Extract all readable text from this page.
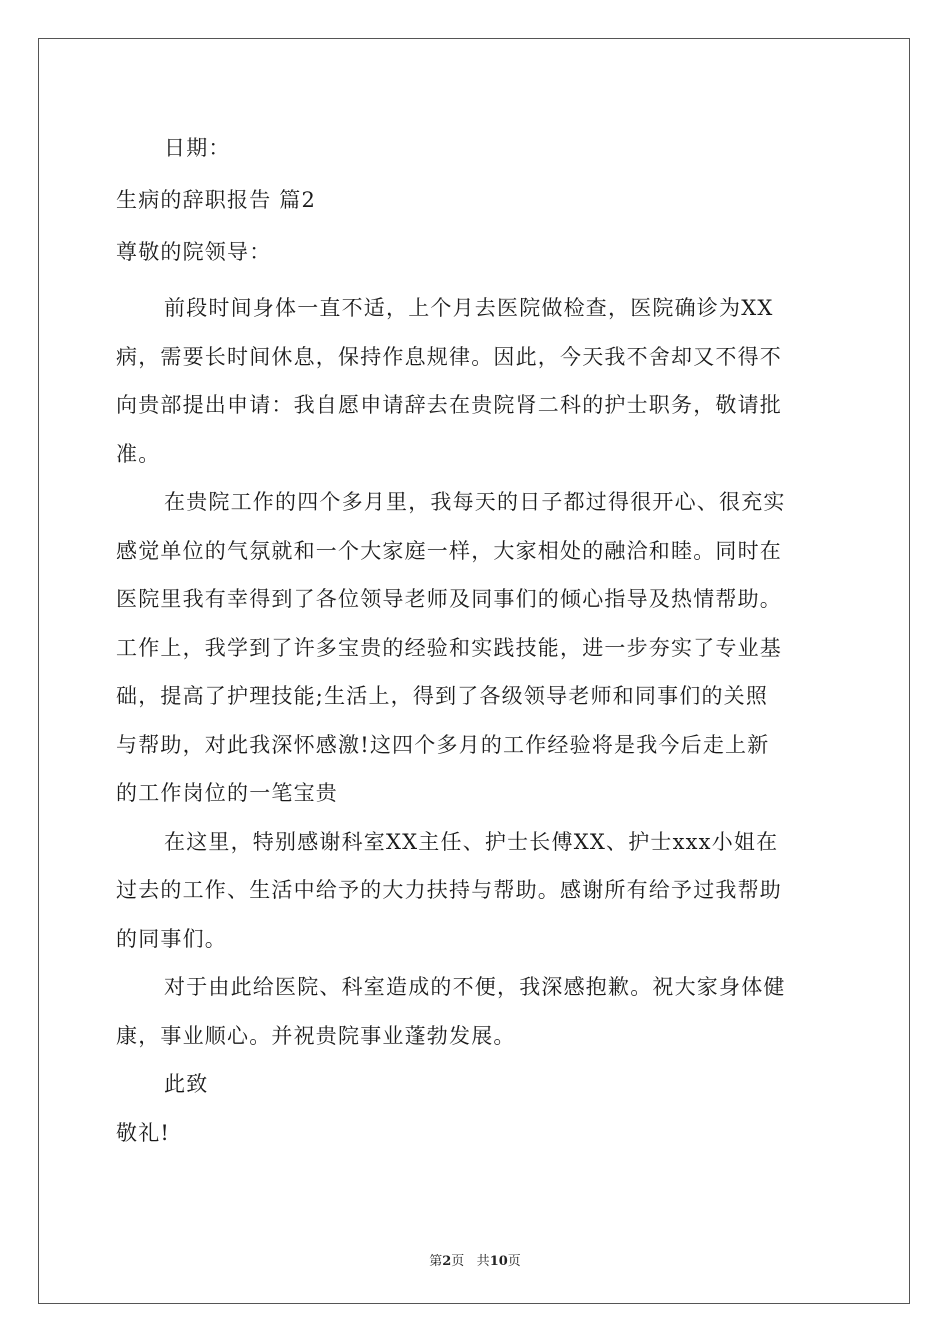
日期：
生病的辞职报告 篇2
尊敬的院领导：
前段时间身体一直不适，上个月去医院做检查，医院确诊为XX
病，需要长时间休息，保持作息规律。因此，今天我不舍却又不得不
向贵部提出申请：我自愿申请辞去在贵院肾二科的护士职务，敬请批
准。
在贵院工作的四个多月里，我每天的日子都过得很开心、很充实
感觉单位的气氛就和一个大家庭一样，大家相处的融洽和睦。同时在
医院里我有幸得到了各位领导老师及同事们的倾心指导及热情帮助。
工作上，我学到了许多宝贵的经验和实践技能，进一步夯实了专业基
础，提高了护理技能;生活上，得到了各级领导老师和同事们的关照
与帮助，对此我深怀感激!这四个多月的工作经验将是我今后走上新
的工作岗位的一笔宝贵
在这里，特别感谢科室XX主任、护士长傅XX、护士xxx小姐在
过去的工作、生活中给予的大力扶持与帮助。感谢所有给予过我帮助
的同事们。
对于由此给医院、科室造成的不便，我深感抱歉。祝大家身体健
康，事业顺心。并祝贵院事业蓬勃发展。
此致
敬礼!
第2页 共10页
